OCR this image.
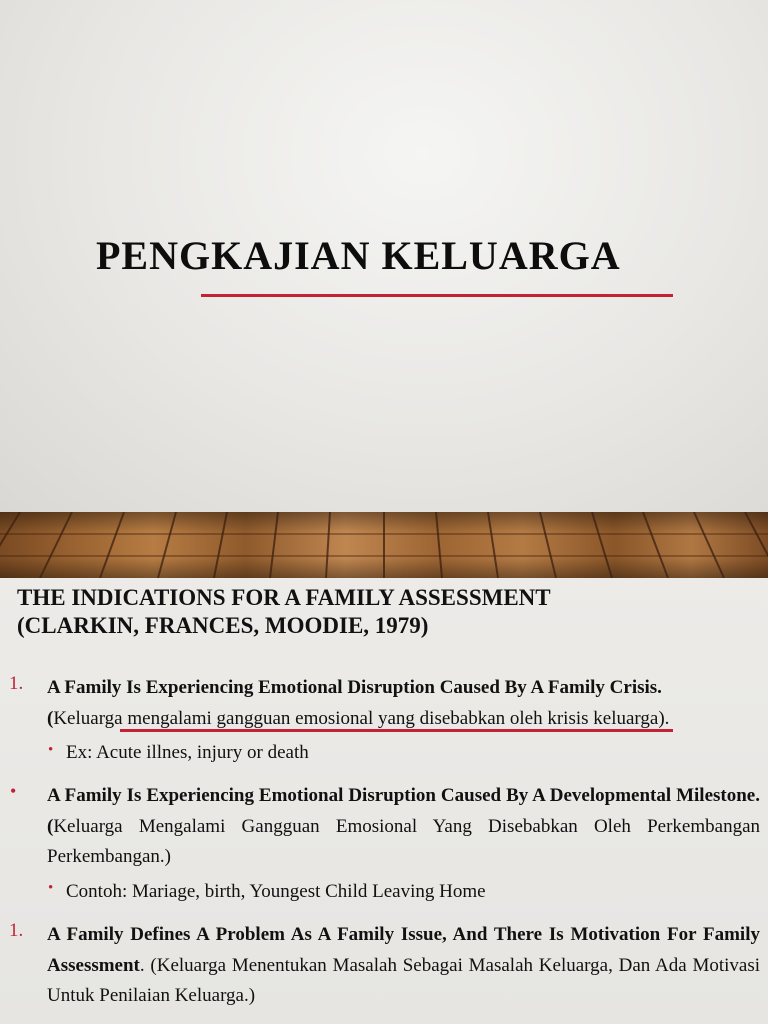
PENGKAJIAN KELUARGA
THE INDICATIONS FOR A FAMILY ASSESSMENT
(CLARKIN, FRANCES, MOODIE, 1979)
1. A Family Is Experiencing Emotional Disruption Caused By A Family Crisis.
(Keluarga mengalami gangguan emosional yang disebabkan oleh krisis keluarga).
• Ex: Acute illnes, injury or death
• A Family Is Experiencing Emotional Disruption Caused By A Developmental Milestone. (Keluarga Mengalami Gangguan Emosional Yang Disebabkan Oleh Perkembangan Perkembangan.)
• Contoh: Mariage, birth, Youngest Child Leaving Home
1. A Family Defines A Problem As A Family Issue, And There Is Motivation For Family Assessment. (Keluarga Menentukan Masalah Sebagai Masalah Keluarga, Dan Ada Motivasi Untuk Penilaian Keluarga.)
